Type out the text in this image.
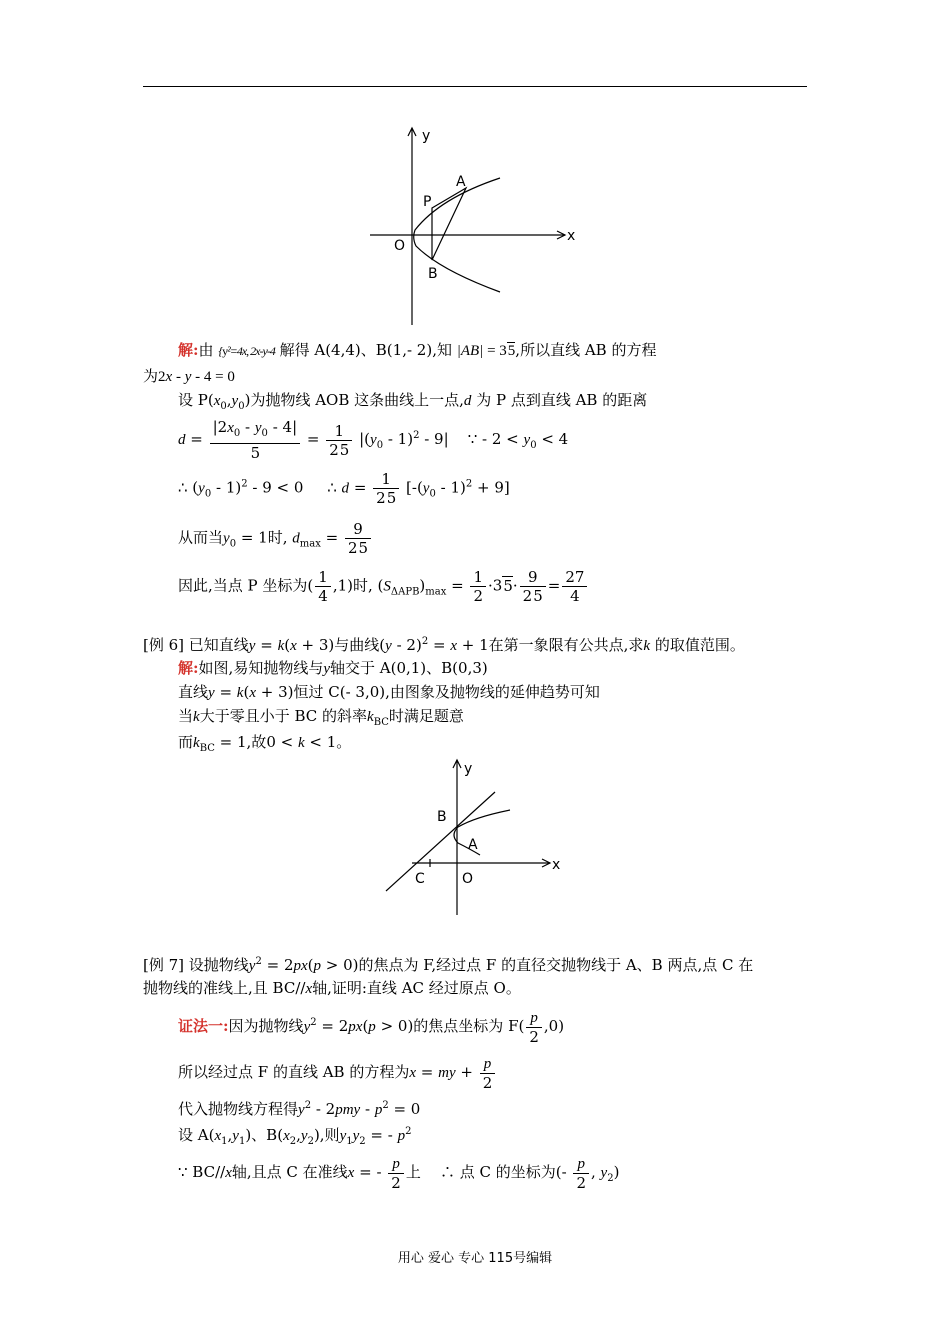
y
x
O
P
A
B
解:由 {y²=4x, 2x-y-4 解得 A(4,4)、B(1,- 2),知 |AB| = 35,所以直线 AB 的方程
为2x - y - 4 = 0
设 $P(x_0,y_0)$为抛物线 AOB 这条曲线上一点,d 为 P 点到直线 AB 的距离
$d = \frac{|2x_0 - y_0 - 4|}{5} = \frac{1}{25} |(y_0 - 1)^2 - 9|$    ∵ - $2 < y_0 < 4$
∴ $(y_0 - 1)^2 - 9 < 0$     ∴ $d = \frac{1}{25} [-(y_0 - 1)^2 + 9]$
从而当$y_0 = 1$时, $d_{max} = \frac{9}{25}$
因此,当点 P 坐标为( $\frac{1}{4} ,1$)时, $(S_{\Delta APB})_{max} = \frac{1}{2} \cdot 35\cdot \frac{9}{25} = \frac{27}{4}$
[例 6] 已知直线y = k(x + 3)与曲线(y - 2)$^2$ = x + 1在第一象限有公共点,求k 的取值范围。
解:如图,易知抛物线与y轴交于 A(0,1)、B(0,3)
直线y = k(x + 3)恒过 C(- 3,0),由图象及抛物线的延伸趋势可知
当k大于零且小于 BC 的斜率$k_{BC}$时满足题意
而$k_{BC} = 1$,故0 < k < 1。
y
x
O
B
A
C
[例 7] 设抛物线$y^2 = 2px(p > 0)$的焦点为 F,经过点 F 的直径交抛物线于 A、B 两点,点 C 在
抛物线的准线上,且 BC//x轴,证明:直线 AC 经过原点 O。
证法一:因为抛物线$y^2 = 2px(p > 0)$的焦点坐标为 $F( \frac{p}{2} ,0)$
所以经过点 F 的直线 AB 的方程为x = my + $\frac{p}{2}$
代入抛物线方程得$y^2 - 2pmy - p^2 = 0$
设 $A(x_1,y_1)$、$B(x_2,y_2)$,则$y_1y_2$ = - $p^2$
∵ BC//x轴,且点 C 在准线x = - $\frac{p}{2}$ 上 ∴ 点 C 的坐标为(- $\frac{p}{2}$ , $y_2$)
用心 爱心 专心 115号编辑
